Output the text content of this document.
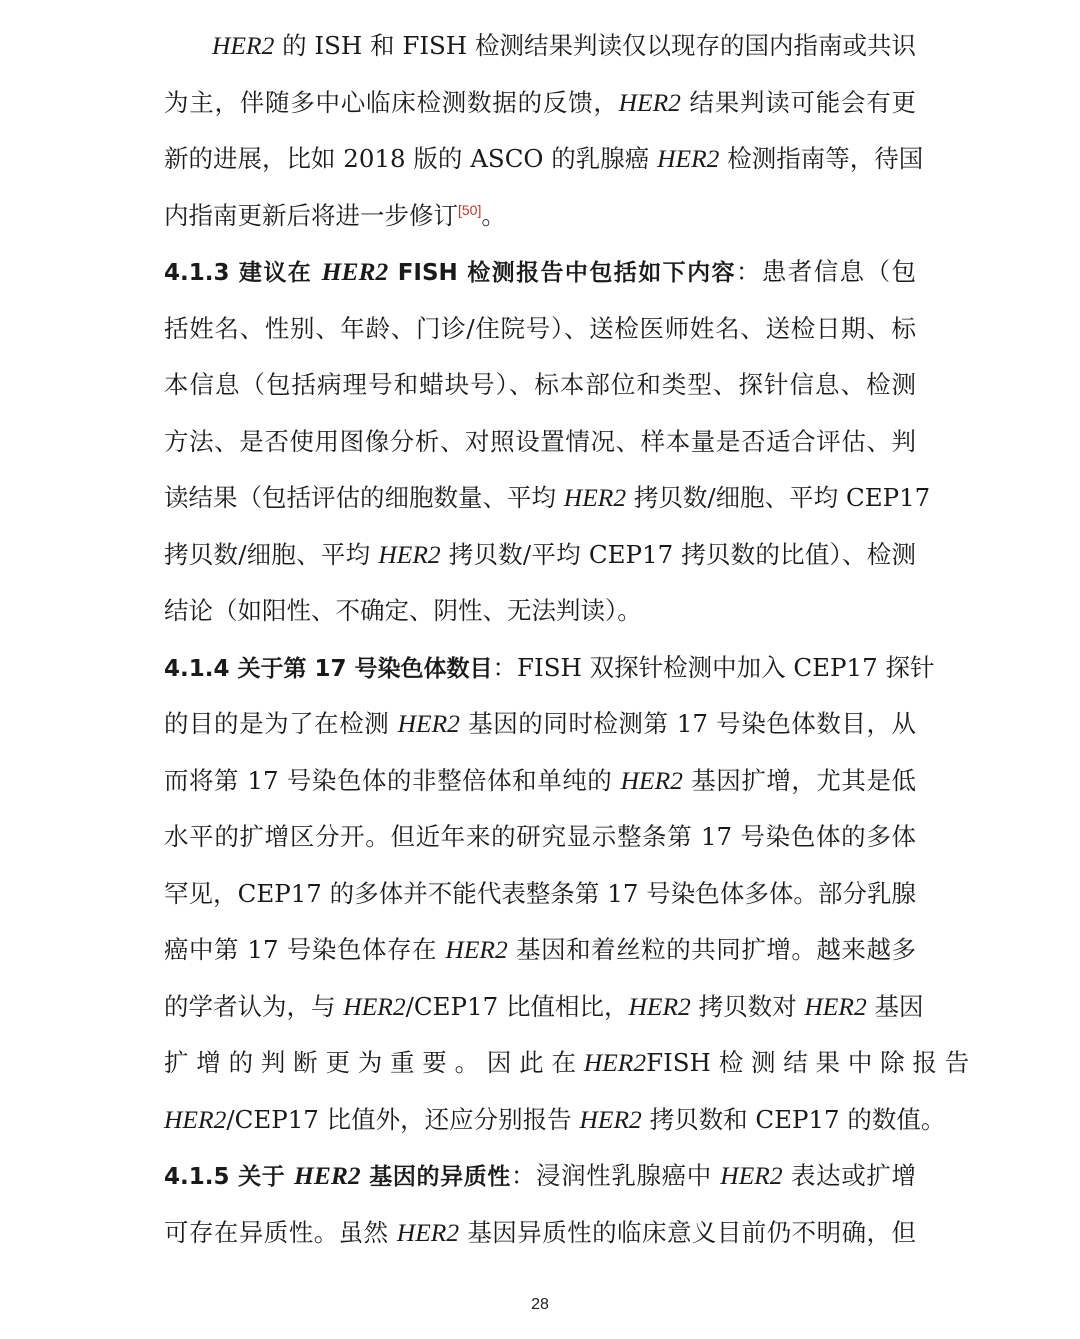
HER2 的 ISH 和 FISH 检测结果判读仅以现存的国内指南或共识
为主，伴随多中心临床检测数据的反馈，HER2 结果判读可能会有更
新的进展，比如 2018 版的 ASCO 的乳腺癌 HER2 检测指南等，待国
内指南更新后将进一步修订[50]。
4.1.3 建议在 HER2 FISH 检测报告中包括如下内容：患者信息（包
括姓名、性别、年龄、门诊/住院号）、送检医师姓名、送检日期、标
本信息（包括病理号和蜡块号）、标本部位和类型、探针信息、检测
方法、是否使用图像分析、对照设置情况、样本量是否适合评估、判
读结果（包括评估的细胞数量、平均 HER2 拷贝数/细胞、平均 CEP17
拷贝数/细胞、平均 HER2 拷贝数/平均 CEP17 拷贝数的比值）、检测
结论（如阳性、不确定、阴性、无法判读）。
4.1.4 关于第 17 号染色体数目：FISH 双探针检测中加入 CEP17 探针
的目的是为了在检测 HER2 基因的同时检测第 17 号染色体数目，从
而将第 17 号染色体的非整倍体和单纯的 HER2 基因扩增，尤其是低
水平的扩增区分开。但近年来的研究显示整条第 17 号染色体的多体
罕见，CEP17 的多体并不能代表整条第 17 号染色体多体。部分乳腺
癌中第 17 号染色体存在 HER2 基因和着丝粒的共同扩增。越来越多
的学者认为，与 HER2/CEP17 比值相比，HER2 拷贝数对 HER2 基因
扩 增 的 判 断 更 为 重 要 。 因 此 在 HER2FISH 检 测 结 果 中 除 报 告
HER2/CEP17 比值外，还应分别报告 HER2 拷贝数和 CEP17 的数值。
4.1.5 关于 HER2 基因的异质性：浸润性乳腺癌中 HER2 表达或扩增
可存在异质性。虽然 HER2 基因异质性的临床意义目前仍不明确，但
28
